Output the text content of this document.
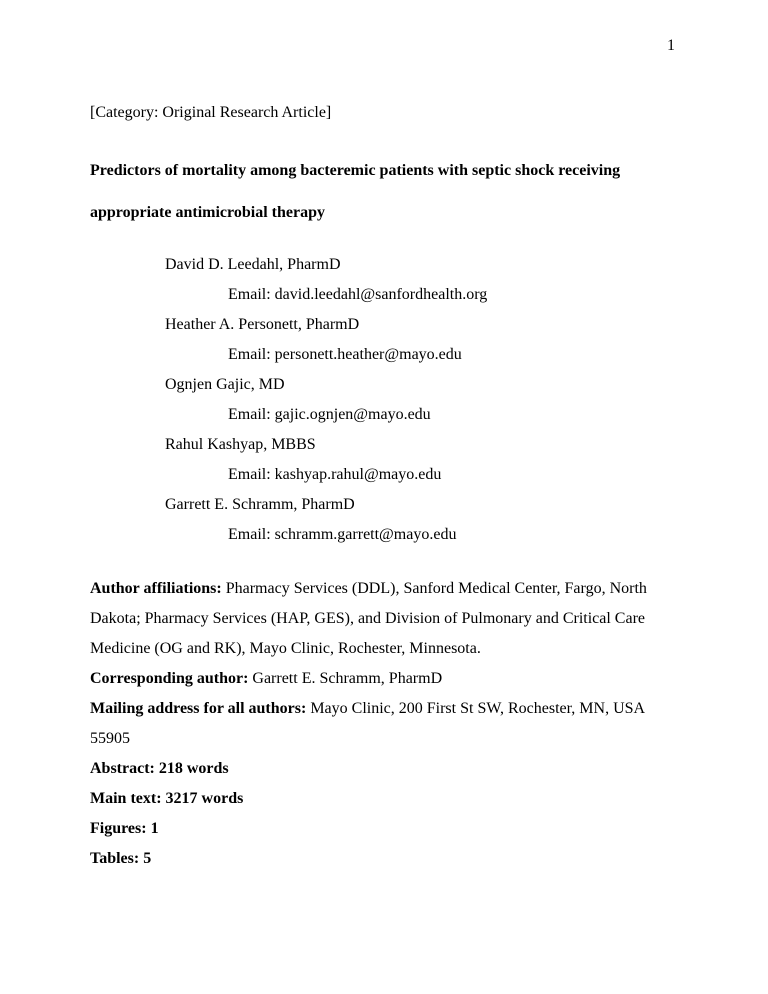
1
[Category: Original Research Article]

Predictors of mortality among bacteremic patients with septic shock receiving appropriate antimicrobial therapy

David D. Leedahl, PharmD
Email: david.leedahl@sanfordhealth.org
Heather A. Personett, PharmD
Email: personett.heather@mayo.edu
Ognjen Gajic, MD
Email: gajic.ognjen@mayo.edu
Rahul Kashyap, MBBS
Email: kashyap.rahul@mayo.edu
Garrett E. Schramm, PharmD
Email: schramm.garrett@mayo.edu

Author affiliations: Pharmacy Services (DDL), Sanford Medical Center, Fargo, North Dakota; Pharmacy Services (HAP, GES), and Division of Pulmonary and Critical Care Medicine (OG and RK), Mayo Clinic, Rochester, Minnesota.

Corresponding author: Garrett E. Schramm, PharmD

Mailing address for all authors: Mayo Clinic, 200 First St SW, Rochester, MN, USA 55905

Abstract: 218 words

Main text: 3217 words

Figures: 1

Tables: 5
